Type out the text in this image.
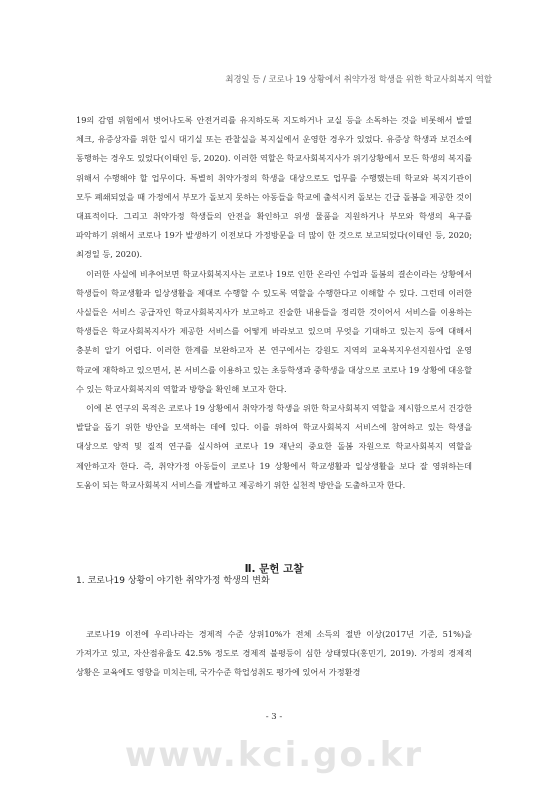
최경일 등 / 코로나 19 상황에서 취약가정 학생을 위한 학교사회복지 역할

19의 감염 위험에서 벗어나도록 안전거리를 유지하도록 지도하거나 교실 등을 소독하는 것을 비롯해서 발열 체크, 유증상자를 위한 일시 대기실 또는 관찰실을 복지실에서 운영한 경우가 있었다. 유증상 학생과 보건소에 동행하는 경우도 있었다(이태인 등, 2020). 이러한 역할은 학교사회복지사가 위기상황에서 모든 학생의 복지를 위해서 수행해야 할 업무이다. 특별히 취약가정의 학생을 대상으로도 업무를 수행했는데 학교와 복지기관이 모두 폐쇄되었을 때 가정에서 부모가 돌보지 못하는 아동들을 학교에 출석시켜 돌보는 긴급 돌봄을 제공한 것이 대표적이다. 그리고 취약가정 학생들의 안전을 확인하고 위생 물품을 지원하거나 부모와 학생의 욕구를 파악하기 위해서 코로나 19가 발생하기 이전보다 가정방문을 더 많이 한 것으로 보고되었다(이태인 등, 2020; 최경일 등, 2020).

이러한 사실에 비추어보면 학교사회복지사는 코로나 19로 인한 온라인 수업과 돌봄의 결손이라는 상황에서 학생들이 학교생활과 일상생활을 제대로 수행할 수 있도록 역할을 수행한다고 이해할 수 있다. 그런데 이러한 사실들은 서비스 공급자인 학교사회복지사가 보고하고 진술한 내용들을 정리한 것이어서 서비스를 이용하는 학생들은 학교사회복지사가 제공한 서비스를 어떻게 바라보고 있으며 무엇을 기대하고 있는지 등에 대해서 충분히 알기 어렵다. 이러한 한계를 보완하고자 본 연구에서는 강원도 지역의 교육복지우선지원사업 운영 학교에 재학하고 있으면서, 본 서비스를 이용하고 있는 초등학생과 중학생을 대상으로 코로나 19 상황에 대응할 수 있는 학교사회복지의 역할과 방향을 확인해 보고자 한다.

이에 본 연구의 목적은 코로나 19 상황에서 취약가정 학생을 위한 학교사회복지 역할을 제시함으로서 건강한 발달을 돕기 위한 방안을 모색하는 데에 있다. 이를 위하여 학교사회복지 서비스에 참여하고 있는 학생을 대상으로 양적 및 질적 연구를 실시하여 코로나 19 재난의 중요한 돌봄 자원으로 학교사회복지 역할을 제안하고자 한다. 즉, 취약가정 아동들이 코로나 19 상황에서 학교생활과 일상생활을 보다 잘 영위하는데 도움이 되는 학교사회복지 서비스를 개발하고 제공하기 위한 실천적 방안을 도출하고자 한다.

Ⅱ. 문헌 고찰
1. 코로나19 상황이 야기한 취약가정 학생의 변화

코로나19 이전에 우리나라는 경제적 수준 상위10%가 전체 소득의 절반 이상(2017년 기준, 51%)을 가져가고 있고, 자산점유율도 42.5% 정도로 경제적 불평등이 심한 상태였다(홍민기, 2019). 가정의 경제적 상황은 교육에도 영향을 미치는데, 국가수준 학업성취도 평가에 있어서 가정환경

- 3 -
www.kci.go.kr
